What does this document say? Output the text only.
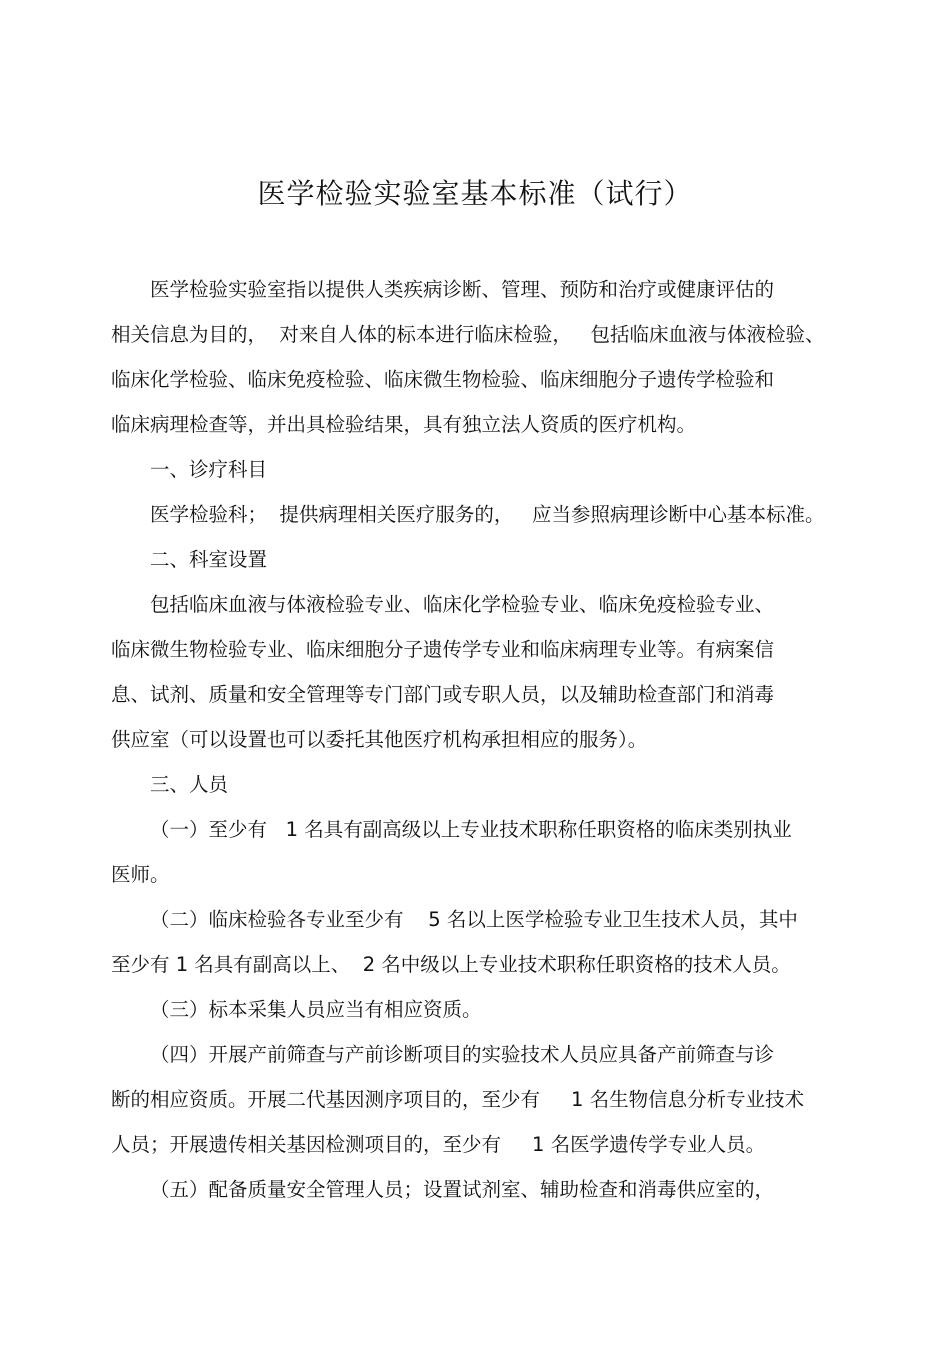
医学检验实验室基本标准（试行）
医学检验实验室指以提供人类疾病诊断、管理、预防和治疗或健康评估的
相关信息为目的，  对来自人体的标本进行临床检验，   包括临床血液与体液检验、
临床化学检验、临床免疫检验、临床微生物检验、临床细胞分子遗传学检验和
临床病理检查等，并出具检验结果，具有独立法人资质的医疗机构。
一、诊疗科目
医学检验科；  提供病理相关医疗服务的，   应当参照病理诊断中心基本标准。
二、科室设置
包括临床血液与体液检验专业、临床化学检验专业、临床免疫检验专业、
临床微生物检验专业、临床细胞分子遗传学专业和临床病理专业等。有病案信
息、试剂、质量和安全管理等专门部门或专职人员，以及辅助检查部门和消毒
供应室（可以设置也可以委托其他医疗机构承担相应的服务）。
三、人员
（一）至少有   1 名具有副高级以上专业技术职称任职资格的临床类别执业
医师。
（二）临床检验各专业至少有    5 名以上医学检验专业卫生技术人员，其中
至少有 1 名具有副高以上、  2 名中级以上专业技术职称任职资格的技术人员。
（三）标本采集人员应当有相应资质。
（四）开展产前筛查与产前诊断项目的实验技术人员应具备产前筛查与诊
断的相应资质。开展二代基因测序项目的，至少有     1 名生物信息分析专业技术
人员；开展遗传相关基因检测项目的，至少有     1 名医学遗传学专业人员。
（五）配备质量安全管理人员；设置试剂室、辅助检查和消毒供应室的，
